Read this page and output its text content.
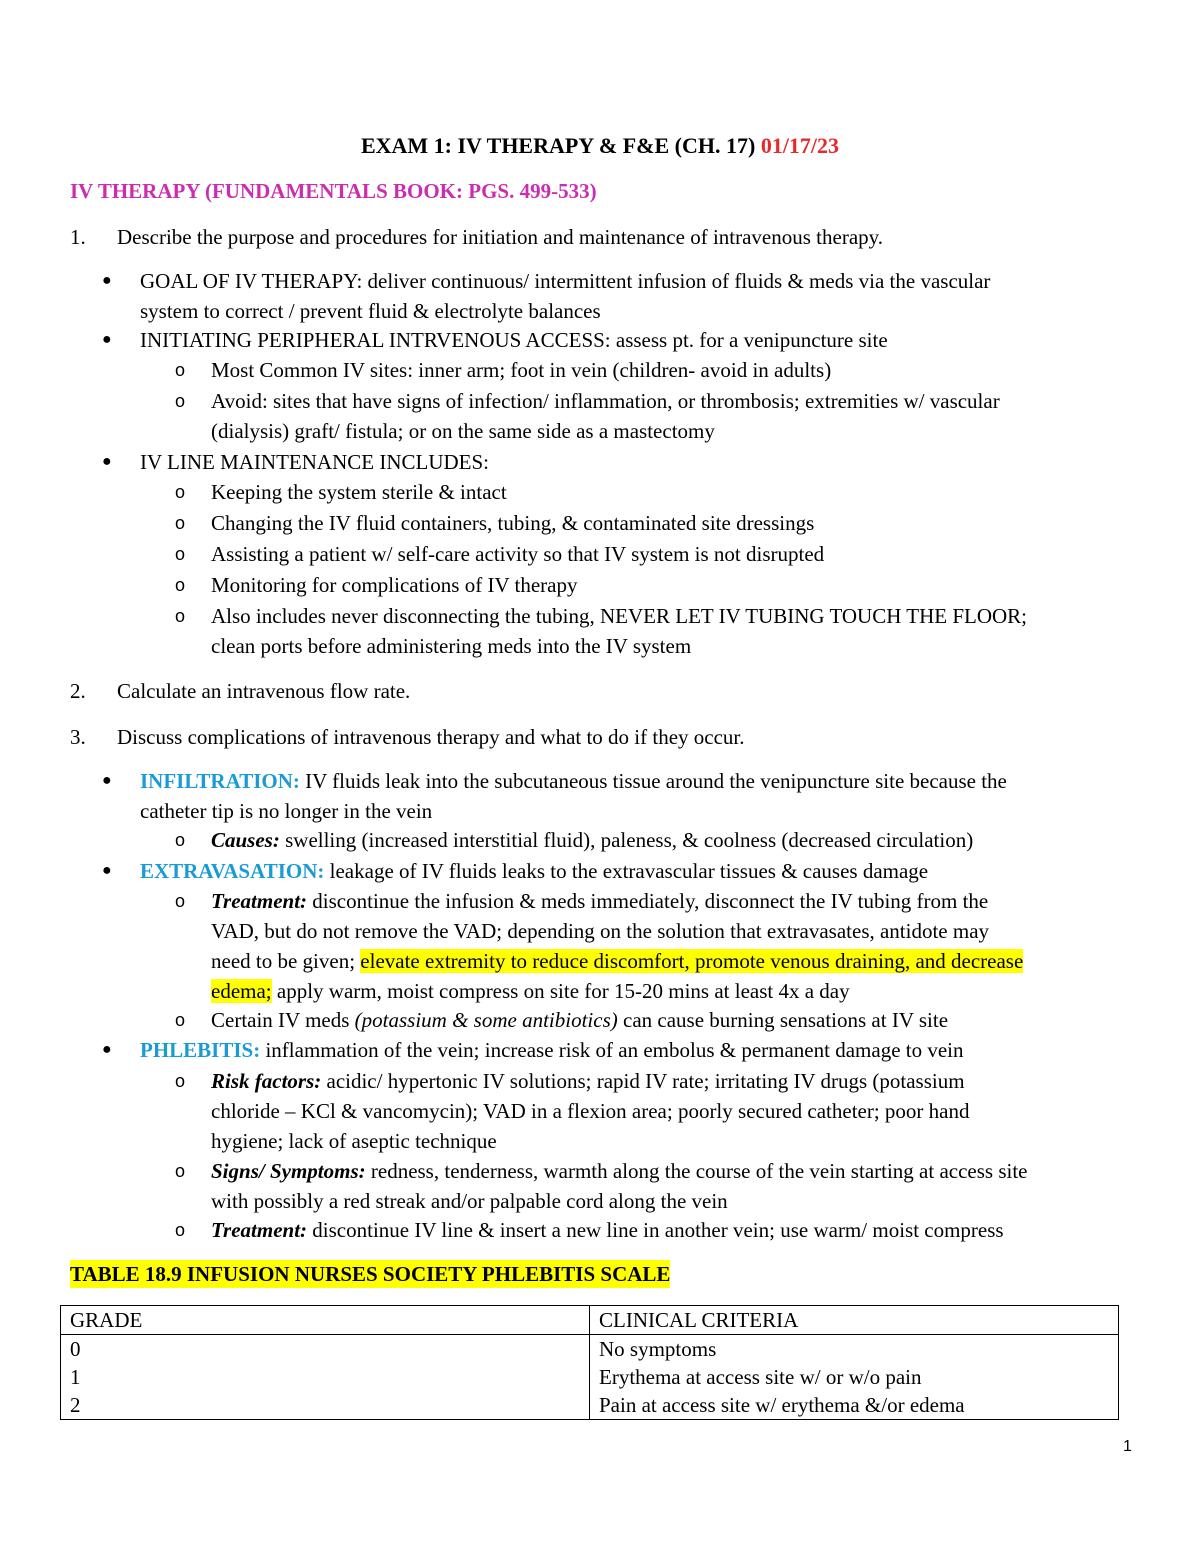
EXAM 1: IV THERAPY & F&E (CH. 17) 01/17/23
IV THERAPY (FUNDAMENTALS BOOK: PGS. 499-533)
1. Describe the purpose and procedures for initiation and maintenance of intravenous therapy.
● GOAL OF IV THERAPY: deliver continuous/ intermittent infusion of fluids & meds via the vascular
system to correct / prevent fluid & electrolyte balances
● INITIATING PERIPHERAL INTRVENOUS ACCESS: assess pt. for a venipuncture site
o Most Common IV sites: inner arm; foot in vein (children- avoid in adults)
o Avoid: sites that have signs of infection/ inflammation, or thrombosis; extremities w/ vascular
(dialysis) graft/ fistula; or on the same side as a mastectomy
● IV LINE MAINTENANCE INCLUDES:
o Keeping the system sterile & intact
o Changing the IV fluid containers, tubing, & contaminated site dressings
o Assisting a patient w/ self-care activity so that IV system is not disrupted
o Monitoring for complications of IV therapy
o Also includes never disconnecting the tubing, NEVER LET IV TUBING TOUCH THE FLOOR;
clean ports before administering meds into the IV system
2. Calculate an intravenous flow rate.
3. Discuss complications of intravenous therapy and what to do if they occur.
● INFILTRATION: IV fluids leak into the subcutaneous tissue around the venipuncture site because the
catheter tip is no longer in the vein
o Causes: swelling (increased interstitial fluid), paleness, & coolness (decreased circulation)
● EXTRAVASATION: leakage of IV fluids leaks to the extravascular tissues & causes damage
o Treatment: discontinue the infusion & meds immediately, disconnect the IV tubing from the
VAD, but do not remove the VAD; depending on the solution that extravasates, antidote may
need to be given; elevate extremity to reduce discomfort, promote venous draining, and decrease
edema; apply warm, moist compress on site for 15-20 mins at least 4x a day
o Certain IV meds (potassium & some antibiotics) can cause burning sensations at IV site
● PHLEBITIS: inflammation of the vein; increase risk of an embolus & permanent damage to vein
o Risk factors: acidic/ hypertonic IV solutions; rapid IV rate; irritating IV drugs (potassium
chloride – KCl & vancomycin); VAD in a flexion area; poorly secured catheter; poor hand
hygiene; lack of aseptic technique
o Signs/ Symptoms: redness, tenderness, warmth along the course of the vein starting at access site
with possibly a red streak and/or palpable cord along the vein
o Treatment: discontinue IV line & insert a new line in another vein; use warm/ moist compress
TABLE 18.9 INFUSION NURSES SOCIETY PHLEBITIS SCALE
GRADE	CLINICAL CRITERIA
0	No symptoms
1	Erythema at access site w/ or w/o pain
2	Pain at access site w/ erythema &/or edema
1
